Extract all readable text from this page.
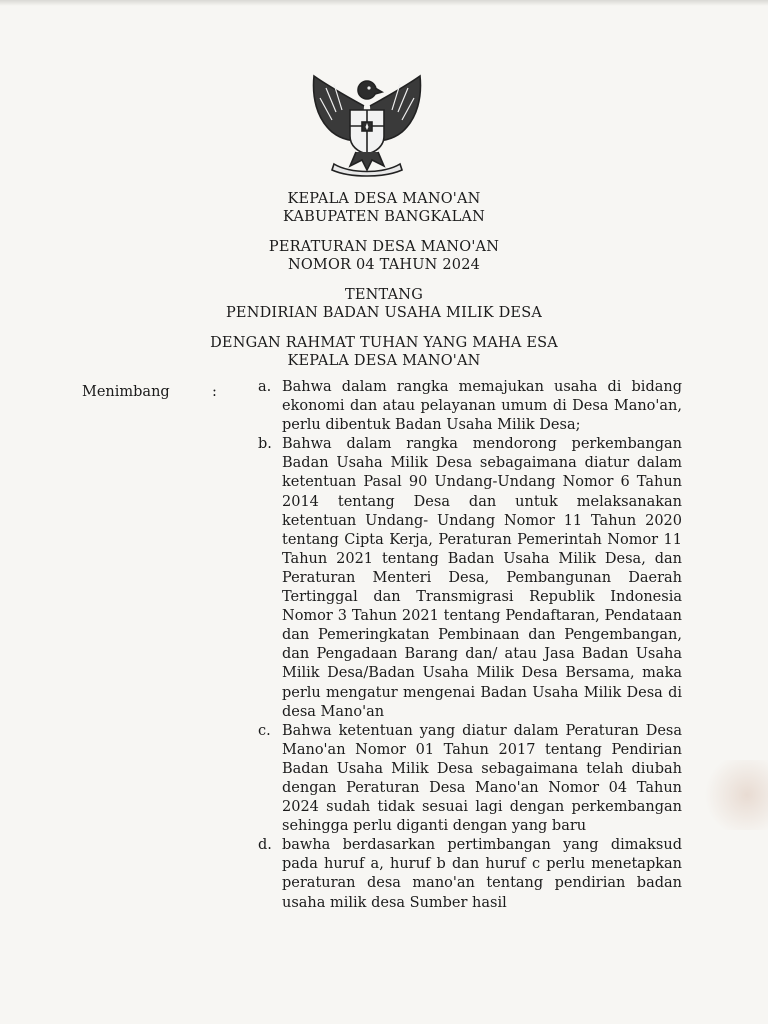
KEPALA DESA MANO'AN
KABUPATEN BANGKALAN
PERATURAN DESA MANO'AN
NOMOR 04 TAHUN 2024
TENTANG
PENDIRIAN BADAN USAHA MILIK DESA
DENGAN RAHMAT TUHAN YANG MAHA ESA
KEPALA DESA MANO'AN
Menimbang	:	a. Bahwa dalam rangka memajukan usaha di bidang ekonomi dan atau pelayanan umum di Desa Mano'an, perlu dibentuk Badan Usaha Milik Desa;
b. Bahwa dalam rangka mendorong perkembangan Badan Usaha Milik Desa sebagaimana diatur dalam ketentuan Pasal 90 Undang-Undang Nomor 6 Tahun 2014 tentang Desa dan untuk melaksanakan ketentuan Undang- Undang Nomor 11 Tahun 2020 tentang Cipta Kerja, Peraturan Pemerintah Nomor 11 Tahun 2021 tentang Badan Usaha Milik Desa, dan Peraturan Menteri Desa, Pembangunan Daerah Tertinggal dan Transmigrasi Republik Indonesia Nomor 3 Tahun 2021 tentang Pendaftaran, Pendataan dan Pemeringkatan Pembinaan dan Pengembangan, dan Pengadaan Barang dan/ atau Jasa Badan Usaha Milik Desa/Badan Usaha Milik Desa Bersama, maka perlu mengatur mengenai Badan Usaha Milik Desa di desa Mano'an
c. Bahwa ketentuan yang diatur dalam Peraturan Desa Mano'an Nomor 01 Tahun 2017 tentang Pendirian Badan Usaha Milik Desa sebagaimana telah diubah dengan Peraturan Desa Mano'an Nomor 04 Tahun 2024 sudah tidak sesuai lagi dengan perkembangan sehingga perlu diganti dengan yang baru
d. bawha berdasarkan pertimbangan yang dimaksud pada huruf a, huruf b dan huruf c perlu menetapkan peraturan desa mano'an tentang pendirian badan usaha milik desa Sumber hasil
